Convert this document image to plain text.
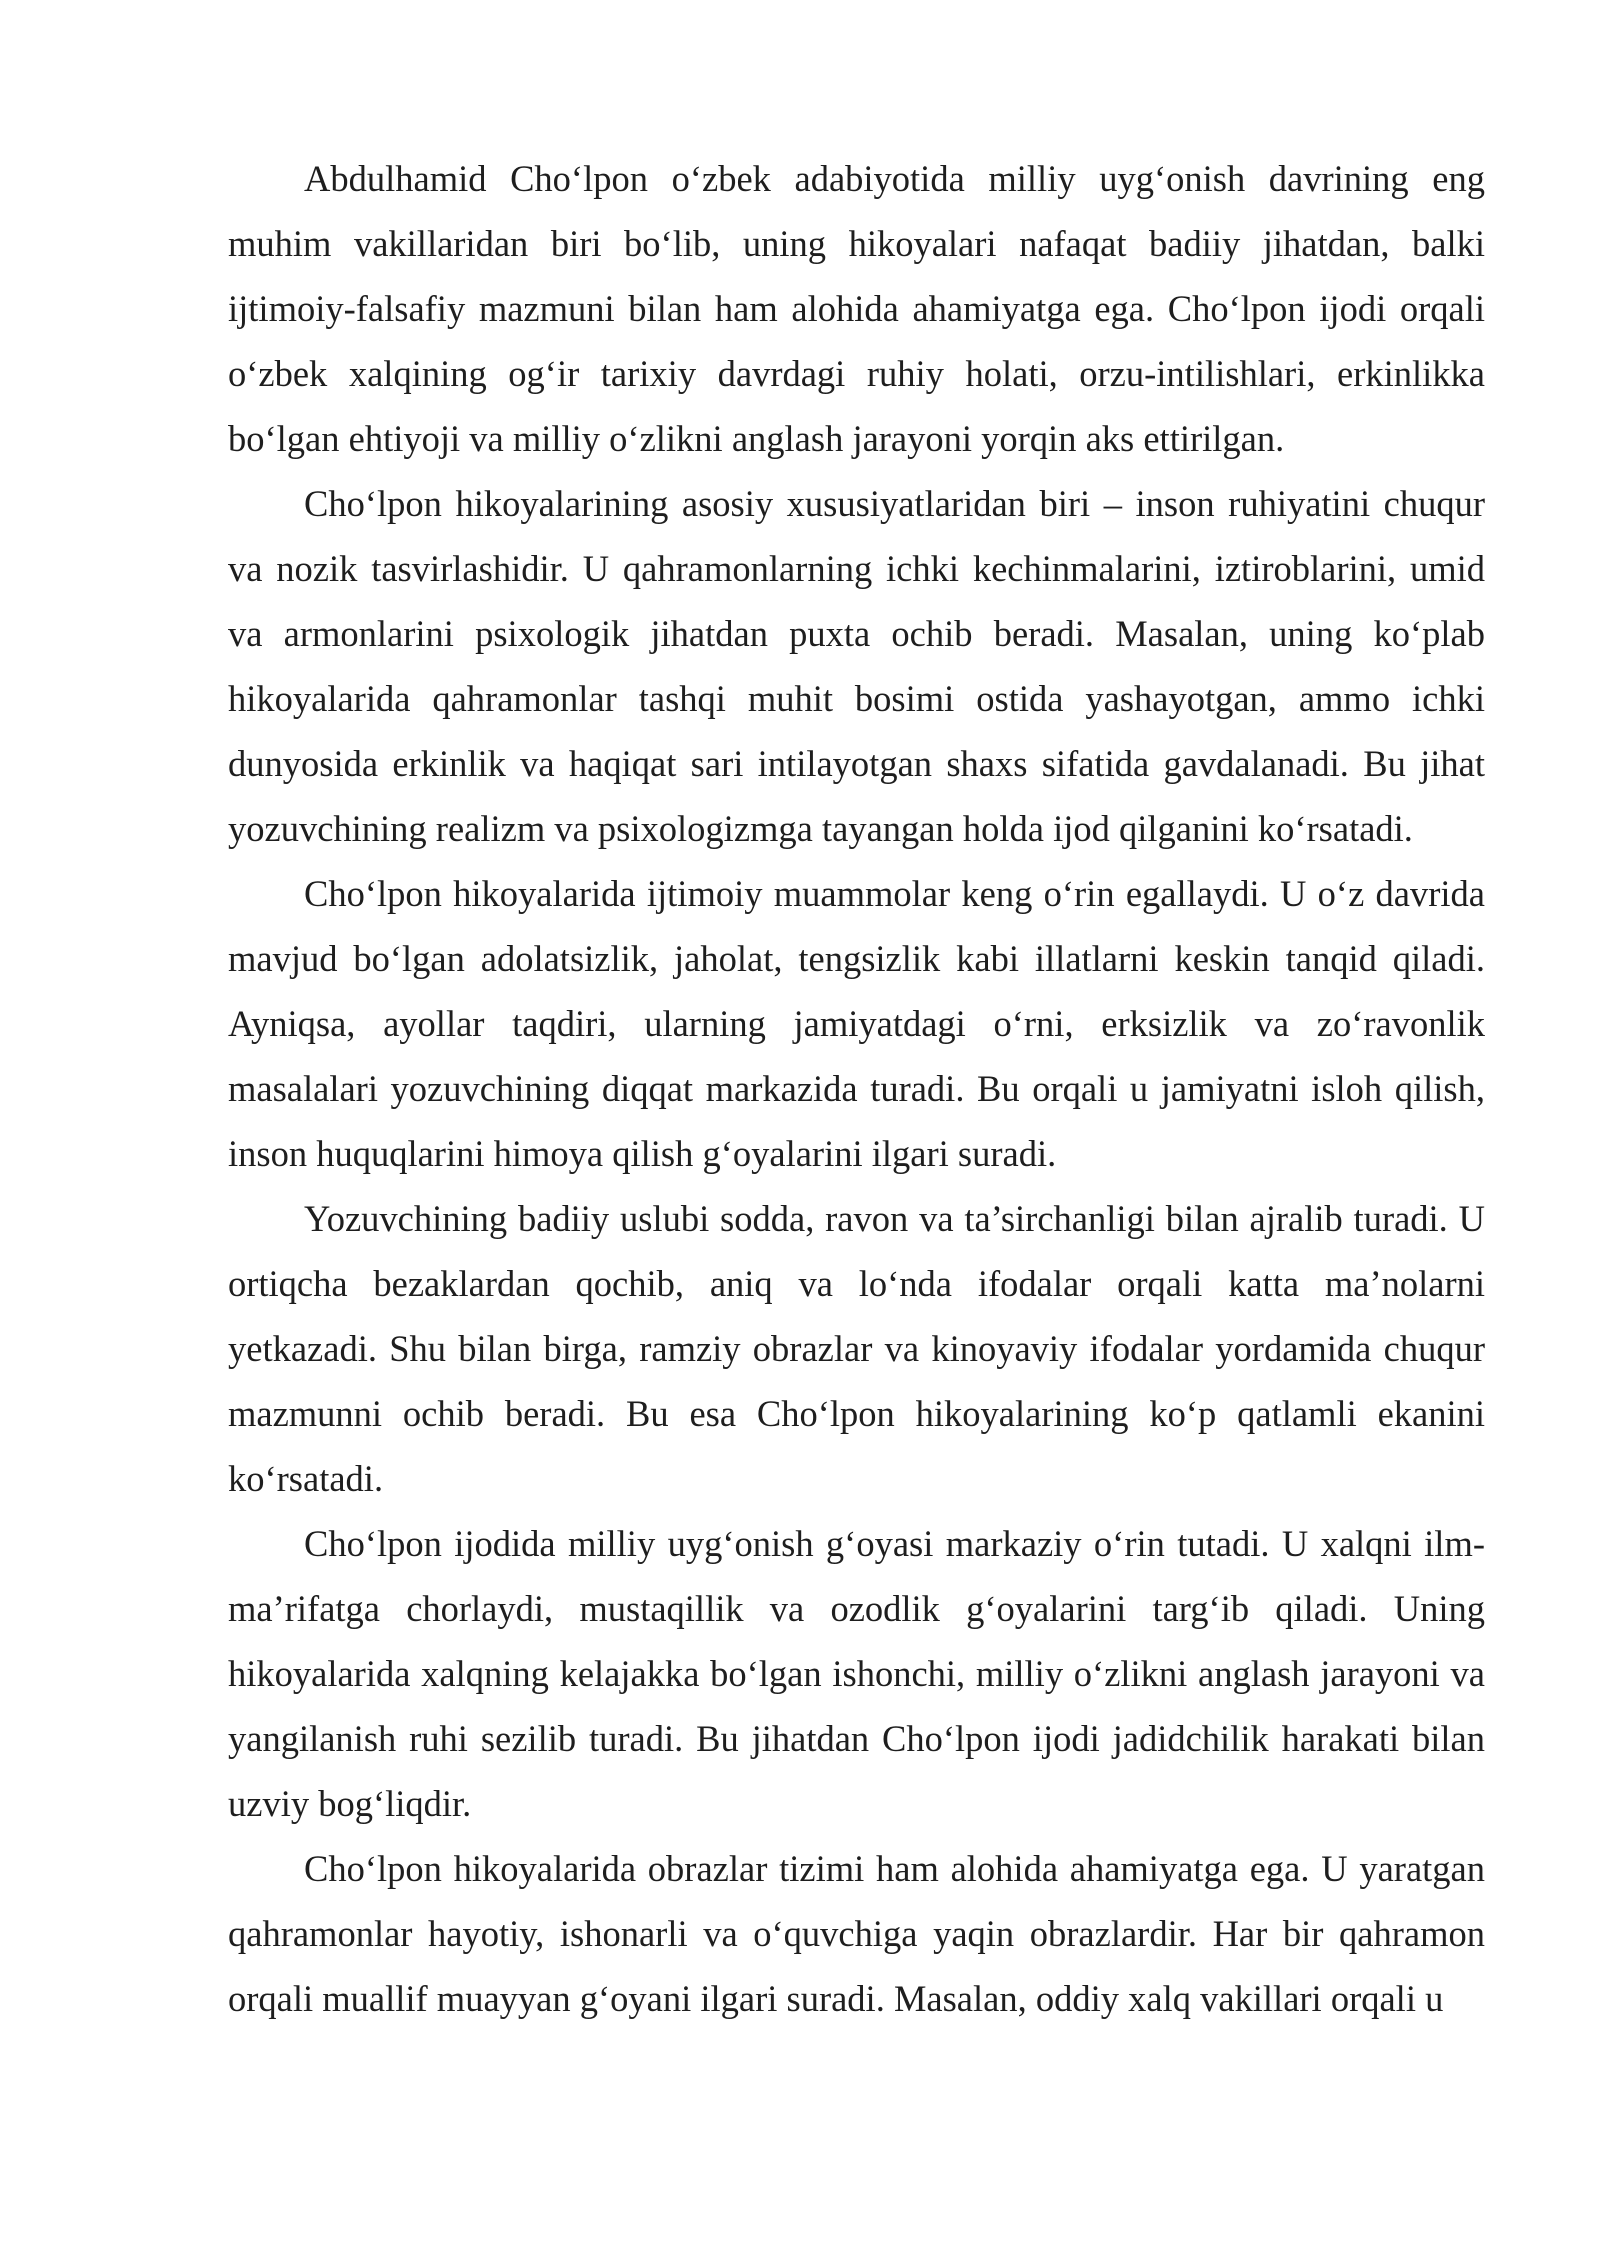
Abdulhamid Cho‘lpon o‘zbek adabiyotida milliy uyg‘onish davrining eng muhim vakillaridan biri bo‘lib, uning hikoyalari nafaqat badiiy jihatdan, balki ijtimoiy-falsafiy mazmuni bilan ham alohida ahamiyatga ega. Cho‘lpon ijodi orqali o‘zbek xalqining og‘ir tarixiy davrdagi ruhiy holati, orzu-intilishlari, erkinlikka bo‘lgan ehtiyoji va milliy o‘zlikni anglash jarayoni yorqin aks ettirilgan.

Cho‘lpon hikoyalarining asosiy xususiyatlaridan biri – inson ruhiyatini chuqur va nozik tasvirlashidir. U qahramonlarning ichki kechinmalarini, iztiroblarini, umid va armonlarini psixologik jihatdan puxta ochib beradi. Masalan, uning ko‘plab hikoyalarida qahramonlar tashqi muhit bosimi ostida yashayotgan, ammo ichki dunyosida erkinlik va haqiqat sari intilayotgan shaxs sifatida gavdalanadi. Bu jihat yozuvchining realizm va psixologizmga tayangan holda ijod qilganini ko‘rsatadi.

Cho‘lpon hikoyalarida ijtimoiy muammolar keng o‘rin egallaydi. U o‘z davrida mavjud bo‘lgan adolatsizlik, jaholat, tengsizlik kabi illatlarni keskin tanqid qiladi. Ayniqsa, ayollar taqdiri, ularning jamiyatdagi o‘rni, erksizlik va zo‘ravonlik masalalari yozuvchining diqqat markazida turadi. Bu orqali u jamiyatni isloh qilish, inson huquqlarini himoya qilish g‘oyalarini ilgari suradi.

Yozuvchining badiiy uslubi sodda, ravon va ta’sirchanligi bilan ajralib turadi. U ortiqcha bezaklardan qochib, aniq va lo‘nda ifodalar orqali katta ma’nolarni yetkazadi. Shu bilan birga, ramziy obrazlar va kinoyaviy ifodalar yordamida chuqur mazmunni ochib beradi. Bu esa Cho‘lpon hikoyalarining ko‘p qatlamli ekanini ko‘rsatadi.

Cho‘lpon ijodida milliy uyg‘onish g‘oyasi markaziy o‘rin tutadi. U xalqni ilm-ma’rifatga chorlaydi, mustaqillik va ozodlik g‘oyalarini targ‘ib qiladi. Uning hikoyalarida xalqning kelajakka bo‘lgan ishonchi, milliy o‘zlikni anglash jarayoni va yangilanish ruhi sezilib turadi. Bu jihatdan Cho‘lpon ijodi jadidchilik harakati bilan uzviy bog‘liqdir.

Cho‘lpon hikoyalarida obrazlar tizimi ham alohida ahamiyatga ega. U yaratgan qahramonlar hayotiy, ishonarli va o‘quvchiga yaqin obrazlardir. Har bir qahramon orqali muallif muayyan g‘oyani ilgari suradi. Masalan, oddiy xalq vakillari orqali u
